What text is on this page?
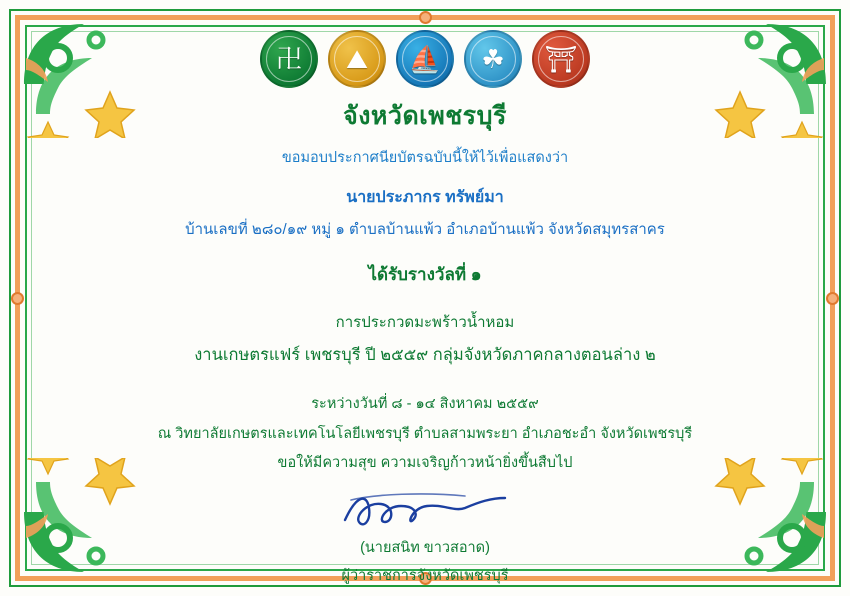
卍	⛰	⛵	☘	⛩
จังหวัดเพชรบุรี
ขอมอบประกาศนียบัตรฉบับนี้ให้ไว้เพื่อแสดงว่า
นายประภากร ทรัพย์มา
บ้านเลขที่ ๒๘๐/๑๙ หมู่ ๑ ตำบลบ้านแพ้ว อำเภอบ้านแพ้ว จังหวัดสมุทรสาคร
ได้รับรางวัลที่ ๑
การประกวดมะพร้าวน้ำหอม
งานเกษตรแฟร์ เพชรบุรี ปี ๒๕๕๙ กลุ่มจังหวัดภาคกลางตอนล่าง ๒
ระหว่างวันที่ ๘ - ๑๔ สิงหาคม ๒๕๕๙
ณ วิทยาลัยเกษตรและเทคโนโลยีเพชรบุรี ตำบลสามพระยา อำเภอชะอำ จังหวัดเพชรบุรี
ขอให้มีความสุข ความเจริญก้าวหน้ายิ่งขึ้นสืบไป
(นายสนิท ขาวสอาด)
ผู้ว่าราชการจังหวัดเพชรบุรี
